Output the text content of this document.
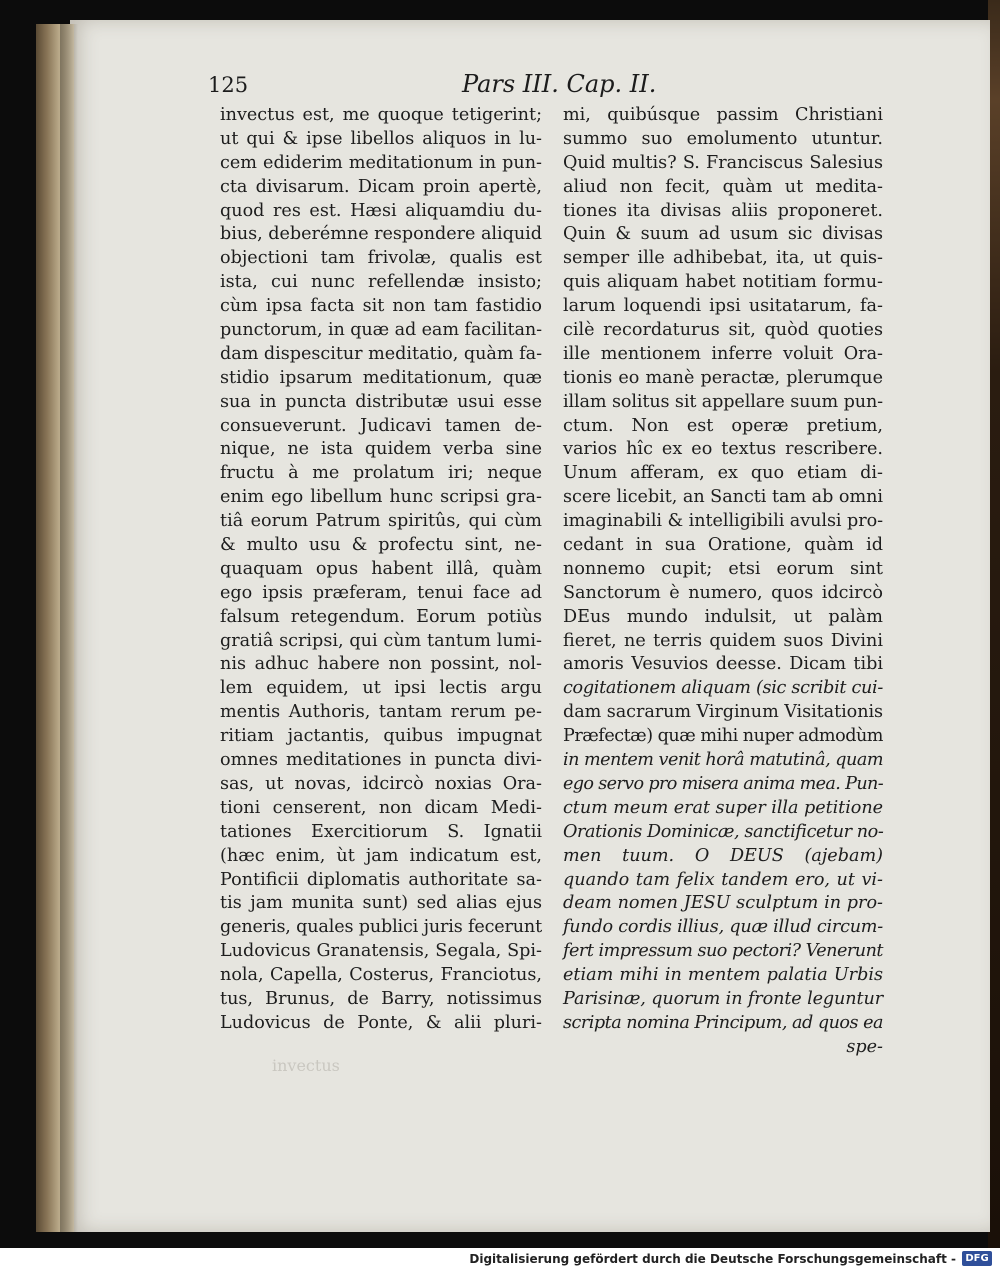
125	Pars III. Cap. II.
invectus est, me quoque tetigerint;
ut qui & ipse libellos aliquos in lu-
cem ediderim meditationum in pun-
cta divisarum. Dicam proin apertè,
quod res est. Hæsi aliquamdiu du-
bius, deberémne respondere aliquid
objectioni tam frivolæ, qualis est
ista, cui nunc refellendæ insisto;
cùm ipsa facta sit non tam fastidio
punctorum, in quæ ad eam facilitan-
dam dispescitur meditatio, quàm fa-
stidio ipsarum meditationum, quæ
sua in puncta distributæ usui esse
consueverunt. Judicavi tamen de-
nique, ne ista quidem verba sine
fructu à me prolatum iri; neque
enim ego libellum hunc scripsi gra-
tiâ eorum Patrum spiritûs, qui cùm
& multo usu & profectu sint, ne-
quaquam opus habent illâ, quàm
ego ipsis præferam, tenui face ad
falsum retegendum. Eorum potiùs
gratiâ scripsi, qui cùm tantum lumi-
nis adhuc habere non possint, nol-
lem equidem, ut ipsi lectis argu
mentis Authoris, tantam rerum pe-
ritiam jactantis, quibus impugnat
omnes meditationes in puncta divi-
sas, ut novas, idcircò noxias Ora-
tioni censerent, non dicam Medi-
tationes Exercitiorum S. Ignatii
(hæc enim, ùt jam indicatum est,
Pontificii diplomatis authoritate sa-
tis jam munita sunt) sed alias ejus
generis, quales publici juris fecerunt
Ludovicus Granatensis, Segala, Spi-
nola, Capella, Costerus, Franciotus,
tus, Brunus, de Barry, notissimus
Ludovicus de Ponte, & alii pluri-
mi, quibúsque passim Christiani
summo suo emolumento utuntur.
Quid multis? S. Franciscus Salesius
aliud non fecit, quàm ut medita-
tiones ita divisas aliis proponeret.
Quin & suum ad usum sic divisas
semper ille adhibebat, ita, ut quis-
quis aliquam habet notitiam formu-
larum loquendi ipsi usitatarum, fa-
cilè recordaturus sit, quòd quoties
ille mentionem inferre voluit Ora-
tionis eo manè peractæ, plerumque
illam solitus sit appellare suum pun-
ctum. Non est operæ pretium,
varios hîc ex eo textus rescribere.
Unum afferam, ex quo etiam di-
scere licebit, an Sancti tam ab omni
imaginabili & intelligibili avulsi pro-
cedant in sua Oratione, quàm id
nonnemo cupit; etsi eorum sint
Sanctorum è numero, quos idcircò
DEus mundo indulsit, ut palàm
fieret, ne terris quidem suos Divini
amoris Vesuvios deesse. Dicam tibi
cogitationem aliquam (sic scribit cui-
dam sacrarum Virginum Visitationis
Præfectæ) quæ mihi nuper admodùm
in mentem venit horâ matutinâ, quam
ego servo pro misera anima mea. Pun-
ctum meum erat super illa petitione
Orationis Dominicæ, sanctificetur no-
men tuum. O DEUS (ajebam)
quando tam felix tandem ero, ut vi-
deam nomen JESU sculptum in pro-
fundo cordis illius, quæ illud circum-
fert impressum suo pectori? Venerunt
etiam mihi in mentem palatia Urbis
Parisinæ, quorum in fronte leguntur
scripta nomina Principum, ad quos ea
spe-
invectus
Digitalisierung gefördert durch die Deutsche Forschungsgemeinschaft - DFG
